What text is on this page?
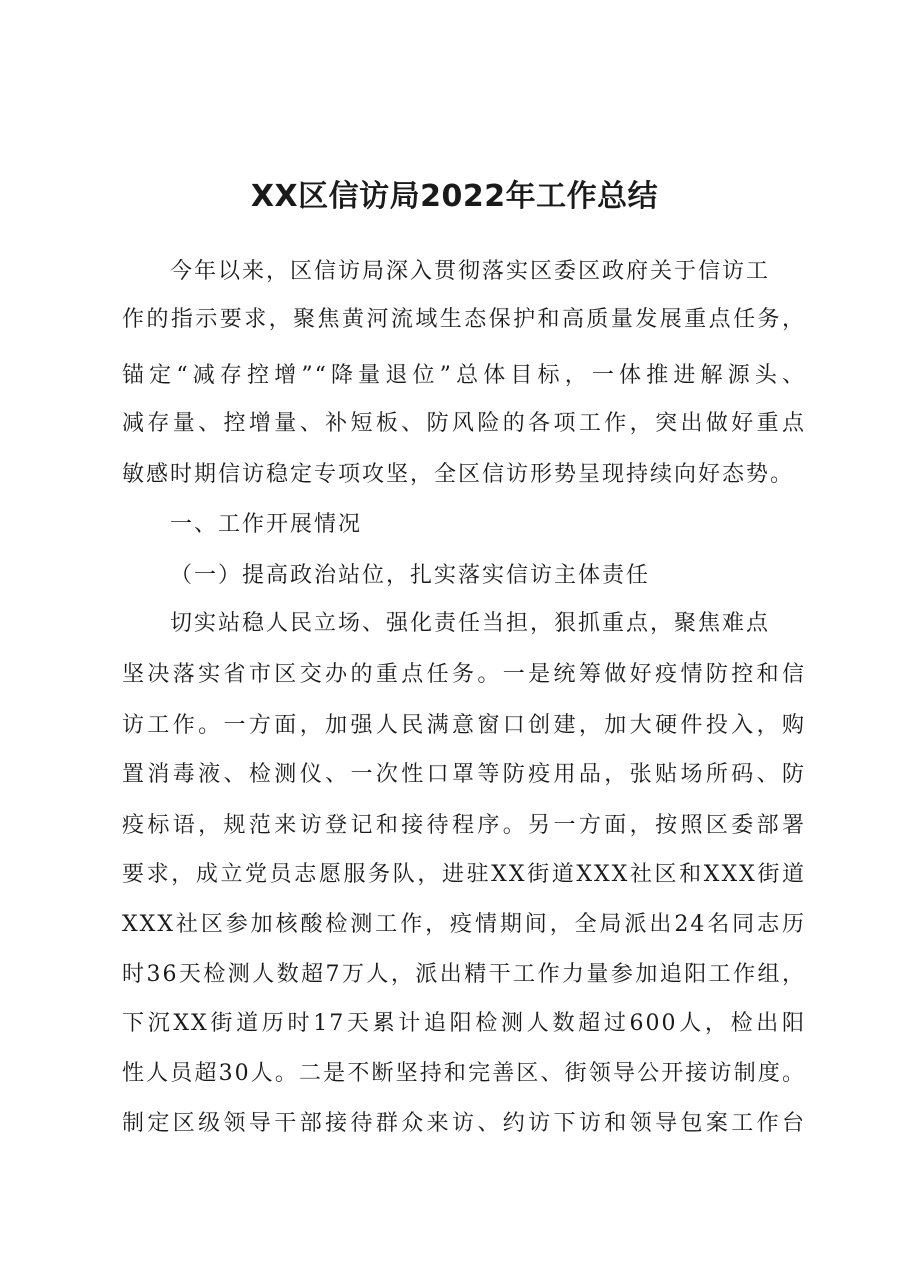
XX区信访局2022年工作总结
今年以来，区信访局深入贯彻落实区委区政府关于信访工
作的指示要求，聚焦黄河流域生态保护和高质量发展重点任务，
锚定“减存控增”“降量退位”总体目标，一体推进解源头、
减存量、控增量、补短板、防风险的各项工作，突出做好重点
敏感时期信访稳定专项攻坚，全区信访形势呈现持续向好态势。
一、工作开展情况
（一）提高政治站位，扎实落实信访主体责任
切实站稳人民立场、强化责任当担，狠抓重点，聚焦难点
坚决落实省市区交办的重点任务。一是统筹做好疫情防控和信
访工作。一方面，加强人民满意窗口创建，加大硬件投入，购
置消毒液、检测仪、一次性口罩等防疫用品，张贴场所码、防
疫标语，规范来访登记和接待程序。另一方面，按照区委部署
要求，成立党员志愿服务队，进驻XX街道XXX社区和XXX街道
XXX社区参加核酸检测工作，疫情期间，全局派出24名同志历
时36天检测人数超7万人，派出精干工作力量参加追阳工作组，
下沉XX街道历时17天累计追阳检测人数超过600人，检出阳
性人员超30人。二是不断坚持和完善区、街领导公开接访制度。
制定区级领导干部接待群众来访、约访下访和领导包案工作台
